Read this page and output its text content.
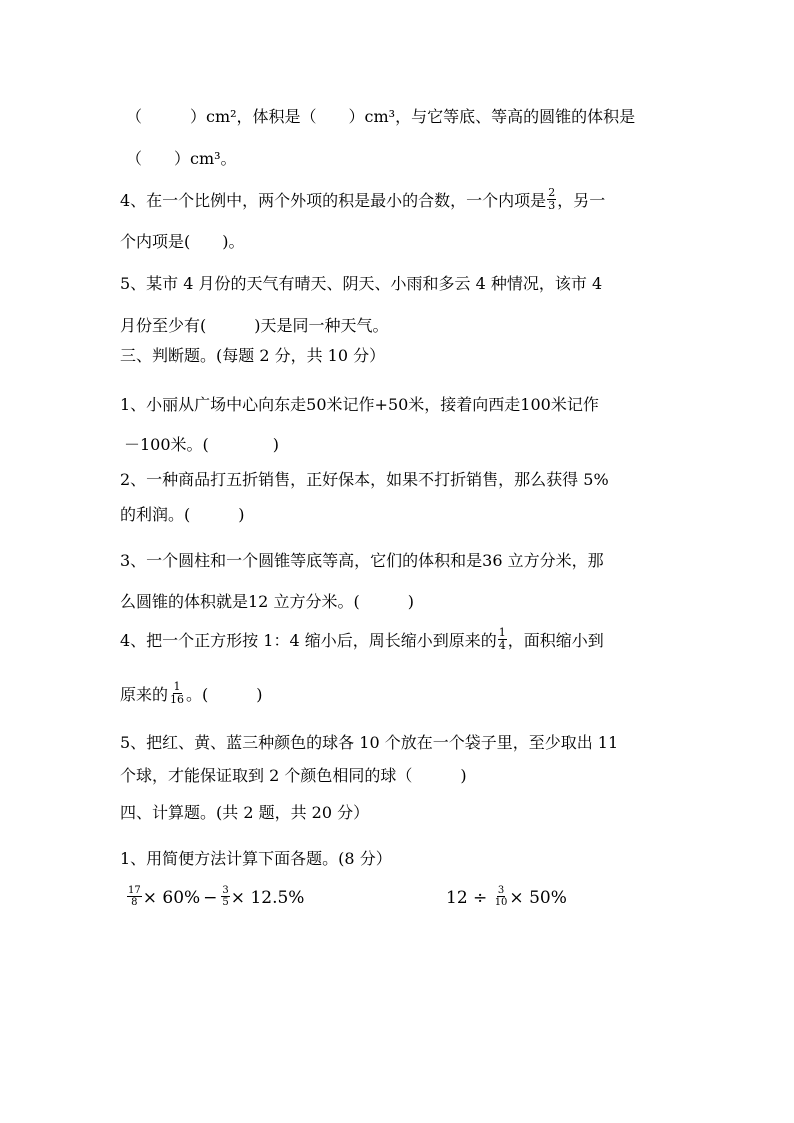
（　　　）cm²，体积是（　　）cm³，与它等底、等高的圆锥的体积是
（　　）cm³。
4、在一个比例中，两个外项的积是最小的合数，一个内项是 $\frac{2}{3}$ ，另一
个内项是(　　)。
5、某市 4 月份的天气有晴天、阴天、小雨和多云 4 种情况，该市 4
月份至少有(　　　)天是同一种天气。
三、判断题。(每题 2 分，共 10 分）
1、小丽从广场中心向东走50米记作+50米，接着向西走100米记作
－100米。(　　　　)
2、一种商品打五折销售，正好保本，如果不打折销售，那么获得 5%
的利润。(　　　)
3、一个圆柱和一个圆锥等底等高，它们的体积和是36 立方分米，那
么圆锥的体积就是12 立方分米。(　　　)
4、把一个正方形按 1：4 缩小后，周长缩小到原来的 $\frac{1}{4}$ ，面积缩小到
原来的 $\frac{1}{16}$ 。(　　　)
5、把红、黄、蓝三种颜色的球各 10 个放在一个袋子里，至少取出 11
个球，才能保证取到 2 个颜色相同的球（　　　)
四、计算题。(共 2 题，共 20 分）
1、用简便方法计算下面各题。(8 分）
$\frac{17}{8} \times 60\% - \frac{3}{5} \times 12.5\%$	$12 \div \frac{3}{10} \times 50\%$
